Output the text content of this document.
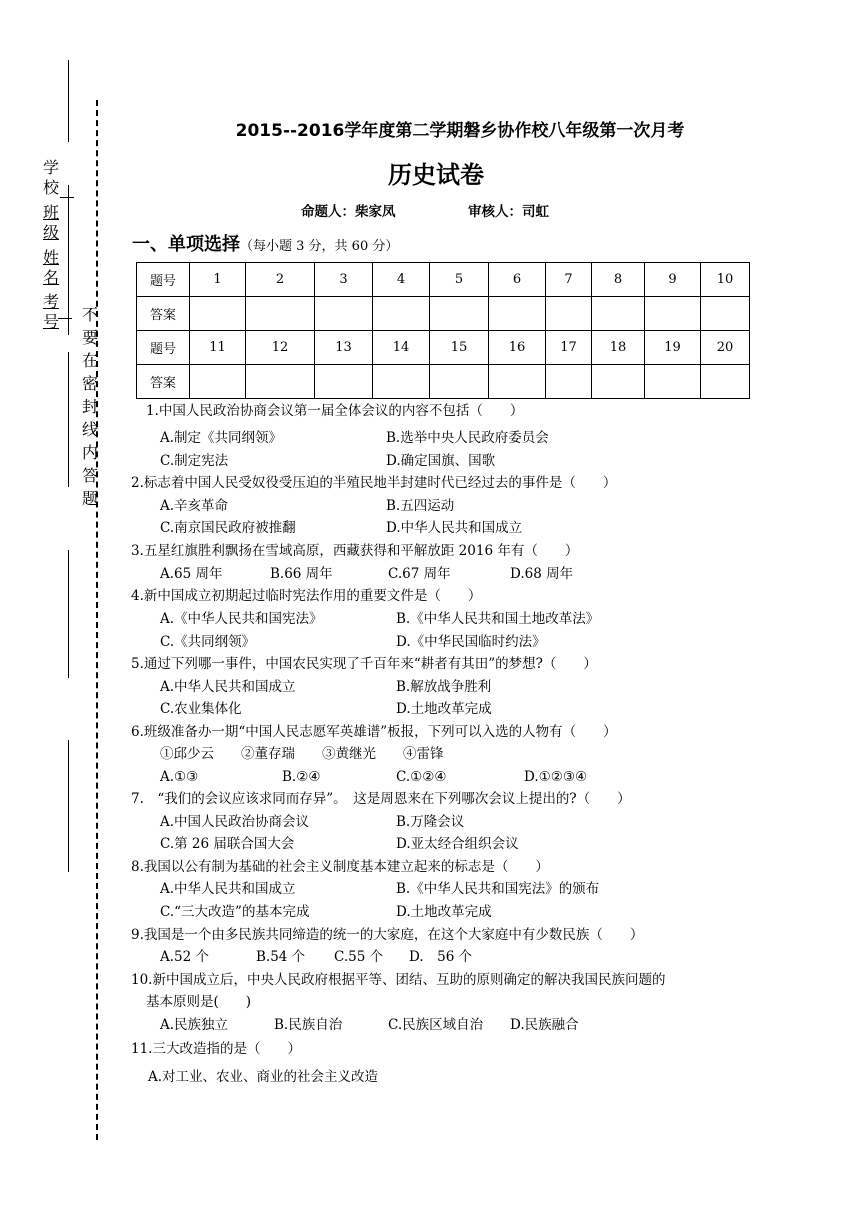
学
校
班
级
姓
名
考
号 不
要
在
密
封
线
内
答
题
2015--2016学年度第二学期磐乡协作校八年级第一次月考
历史试卷
命题人：柴家凤	审核人：司虹
一、单项选择（每小题 3 分，共 60 分）
题号	1	2	3	4	5	6	7	8	9	10
答案										
题号	11	12	13	14	15	16	17	18	19	20
答案										
1.中国人民政治协商会议第一届全体会议的内容不包括（　　）
A.制定《共同纲领》	B.选举中央人民政府委员会
C.制定宪法	D.确定国旗、国歌
2.标志着中国人民受奴役受压迫的半殖民地半封建时代已经过去的事件是（　　）
A.辛亥革命	B.五四运动
C.南京国民政府被推翻	D.中华人民共和国成立
3.五星红旗胜利飘扬在雪域高原，西藏获得和平解放距 2016 年有（　　）
A.65 周年	B.66 周年	C.67 周年	D.68 周年
4.新中国成立初期起过临时宪法作用的重要文件是（　　）
A.《中华人民共和国宪法》	B.《中华人民共和国土地改革法》
C.《共同纲领》	D.《中华民国临时约法》
5.通过下列哪一事件，中国农民实现了千百年来“耕者有其田”的梦想?（　　）
A.中华人民共和国成立	B.解放战争胜利
C.农业集体化	D.土地改革完成
6.班级准备办一期“中国人民志愿军英雄谱”板报，下列可以入选的人物有（　　）
①邱少云　　②董存瑞　　③黄继光　　④雷锋
A.①③	B.②④	C.①②④	D.①②③④
7.　“我们的会议应该求同而存异”。　这是周恩来在下列哪次会议上提出的?（　　）
A.中国人民政治协商会议	B.万隆会议
C.第 26 届联合国大会	D.亚太经合组织会议
8.我国以公有制为基础的社会主义制度基本建立起来的标志是（　　）
A.中华人民共和国成立	B.《中华人民共和国宪法》的颁布
C.“三大改造”的基本完成	D.土地改革完成
9.我国是一个由多民族共同缔造的统一的大家庭，在这个大家庭中有少数民族（　　）
A.52 个	B.54 个 C.55 个 D.　56 个
10.新中国成立后，中央人民政府根据平等、团结、互助的原则确定的解决我国民族问题的
基本原则是(　　)
A.民族独立	B.民族自治	C.民族区域自治 D.民族融合
11.三大改造指的是（　　）
A.对工业、农业、商业的社会主义改造
